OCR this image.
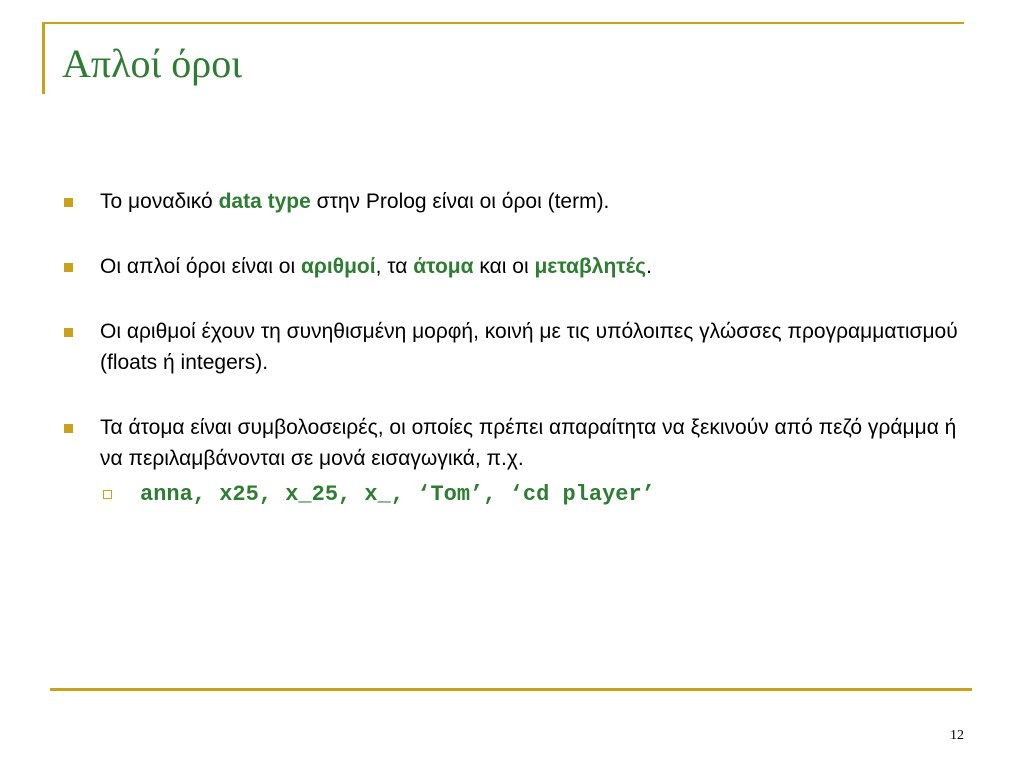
Απλοί όροι
Το μοναδικό data type στην Prolog είναι οι όροι (term).
Οι απλοί όροι είναι οι αριθμοί, τα άτομα και οι μεταβλητές.
Οι αριθμοί έχουν τη συνηθισμένη μορφή, κοινή με τις υπόλοιπες γλώσσες προγραμματισμού (floats ή integers).
Τα άτομα είναι συμβολοσειρές, οι οποίες πρέπει απαραίτητα να ξεκινούν από πεζό γράμμα ή να περιλαμβάνονται σε μονά εισαγωγικά, π.χ.
anna, x25, x_25, x_, ‘Tom’, ‘cd player’
12
